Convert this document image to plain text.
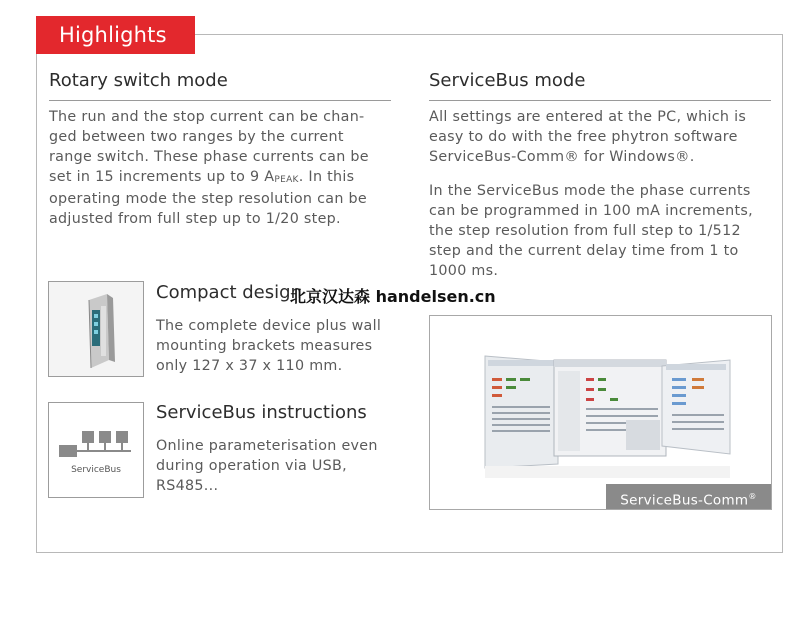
Highlights
Rotary switch mode
The run and the stop current can be chan-
ged between two ranges by the current
range switch. These phase currents can be
set in 15 increments up to 9 $A_{PEAK}$. In this
operating mode the step resolution can be
adjusted from full step up to 1/20 step.
ServiceBus mode
All settings are entered at the PC, which is
easy to do with the free phytron software
ServiceBus-Comm® for Windows®.
In the ServiceBus mode the phase currents
can be programmed in 100 mA increments,
the step resolution from full step to 1/512
step and the current delay time from 1 to
1000 ms.
Compact design
The complete device plus wall
mounting brackets measures
only 127 x 37 x 110 mm.
北京汉达森 handelsen.cn
ServiceBus
ServiceBus instructions
Online parameterisation even
during operation via USB,
RS485...
ServiceBus-Comm®
